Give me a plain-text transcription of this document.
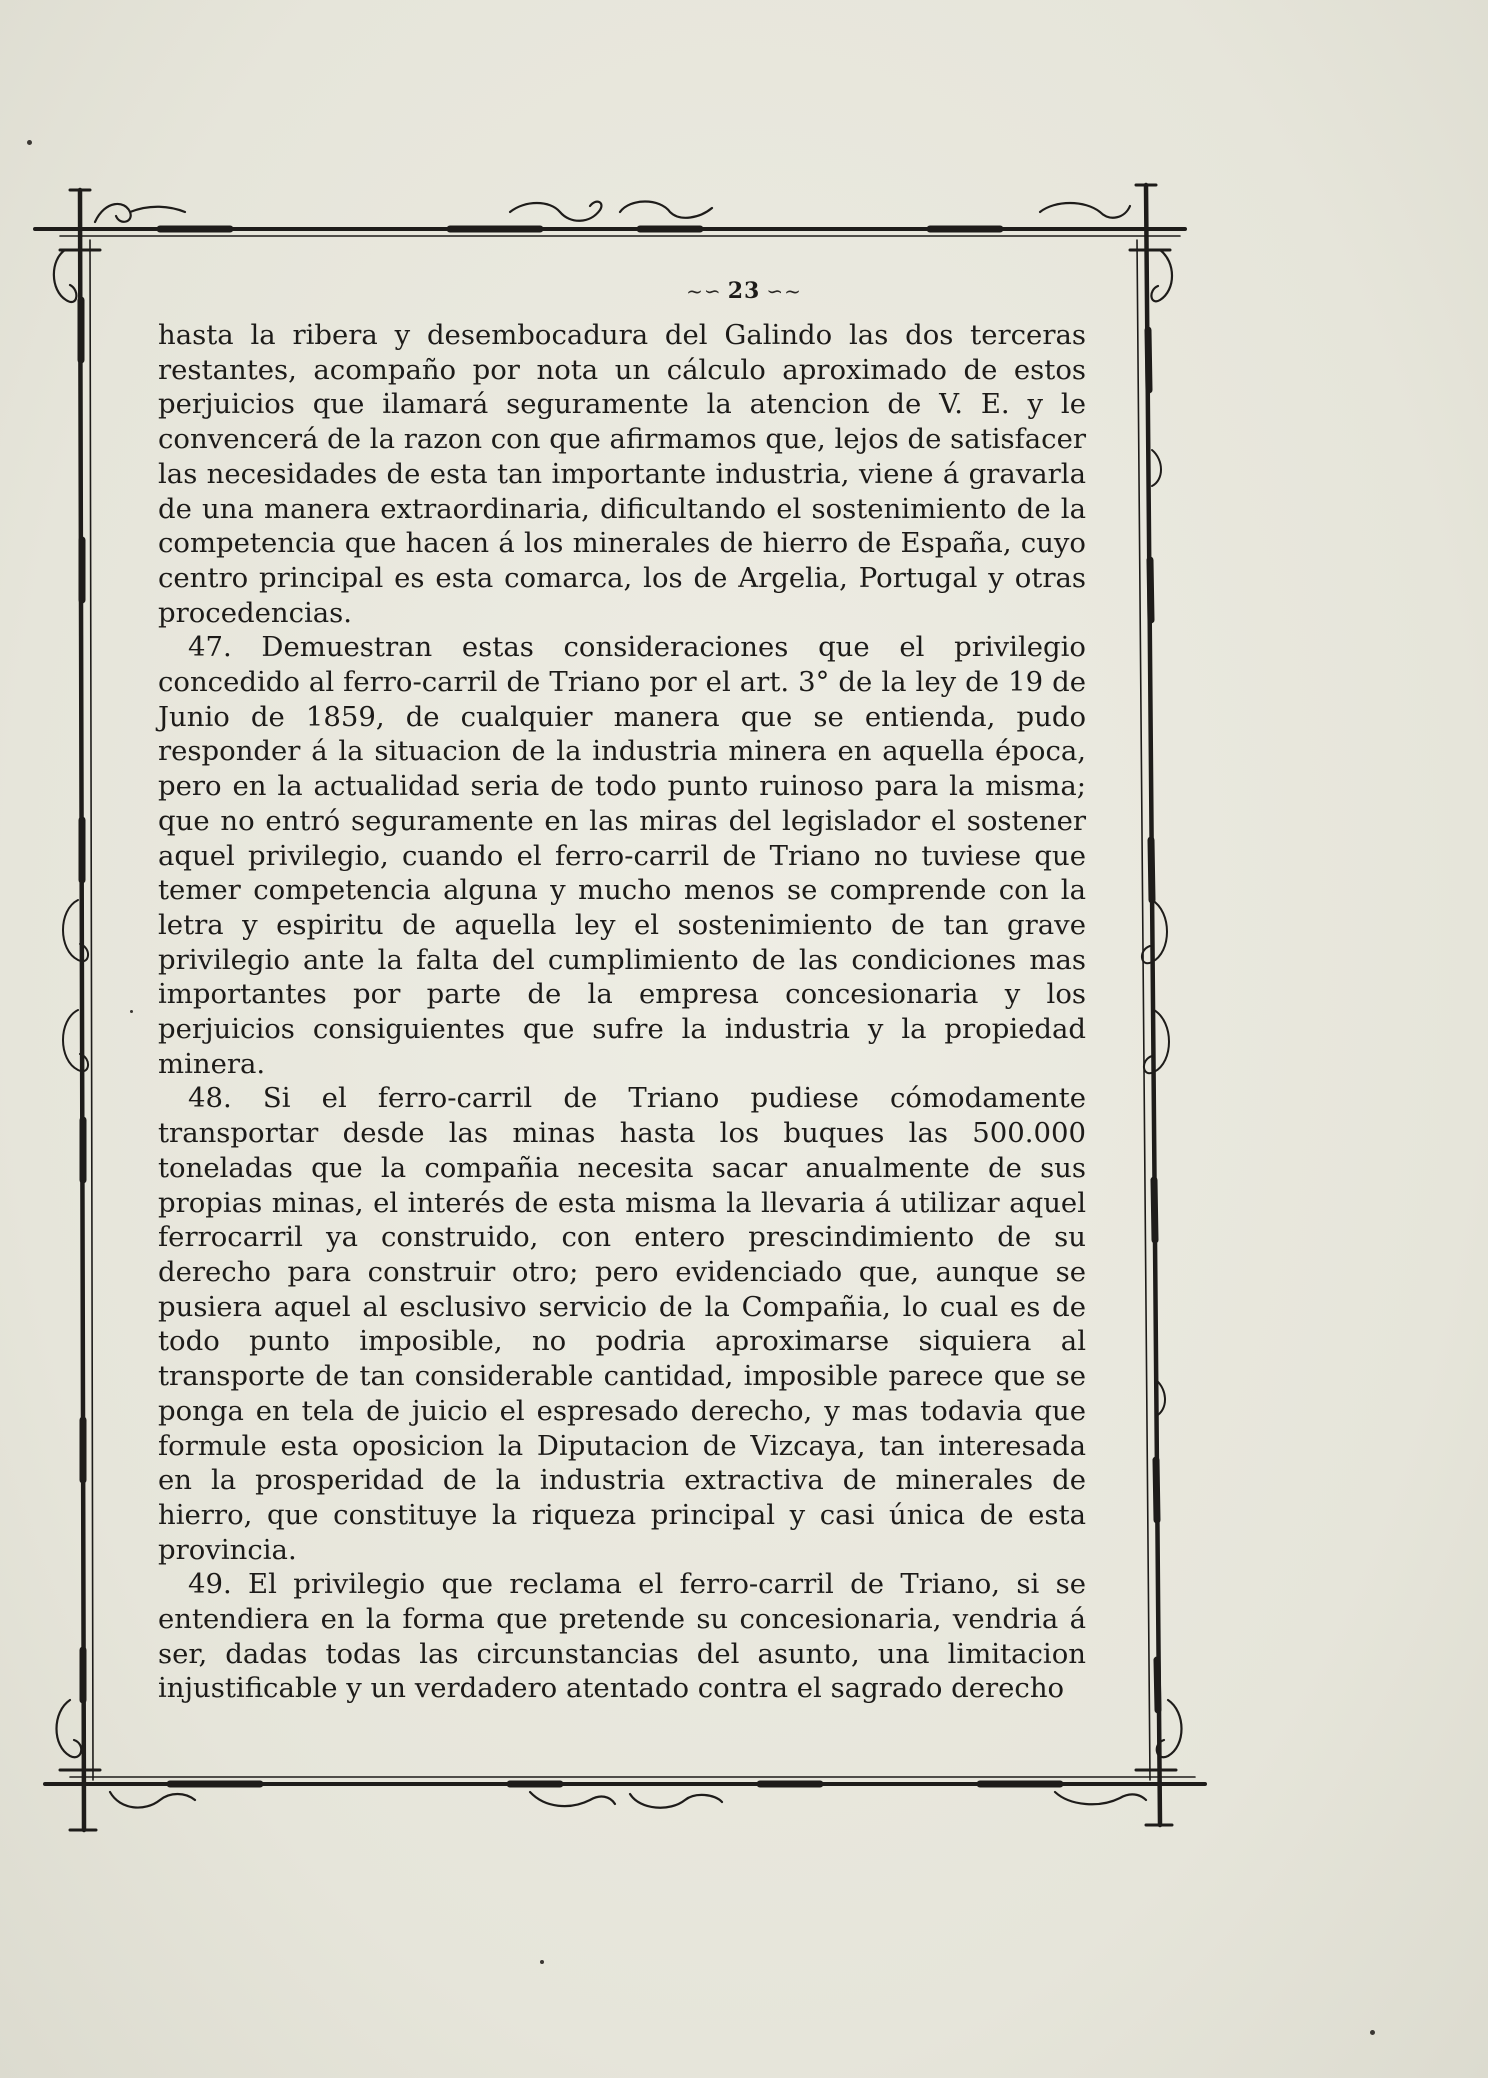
~∽ 23 ∽~

hasta la ribera y desembocadura del Galindo las dos terceras restantes, acompaño por nota un cálculo aproximado de estos perjuicios que ilamará seguramente la atencion de V. E. y le convencerá de la razon con que afirmamos que, lejos de satisfacer las necesidades de esta tan importante industria, viene á gravarla de una manera extraordinaria, dificultando el sostenimiento de la competencia que hacen á los minerales de hierro de España, cuyo centro principal es esta comarca, los de Argelia, Portugal y otras procedencias.

47. Demuestran estas consideraciones que el privilegio concedido al ferro-carril de Triano por el art. 3° de la ley de 19 de Junio de 1859, de cualquier manera que se entienda, pudo responder á la situacion de la industria minera en aquella época, pero en la actualidad seria de todo punto ruinoso para la misma; que no entró seguramente en las miras del legislador el sostener aquel privilegio, cuando el ferro-carril de Triano no tuviese que temer competencia alguna y mucho menos se comprende con la letra y espiritu de aquella ley el sostenimiento de tan grave privilegio ante la falta del cumplimiento de las condiciones mas importantes por parte de la empresa concesionaria y los perjuicios consiguientes que sufre la industria y la propiedad minera.

48. Si el ferro-carril de Triano pudiese cómodamente transportar desde las minas hasta los buques las 500.000 toneladas que la compañia necesita sacar anualmente de sus propias minas, el interés de esta misma la llevaria á utilizar aquel ferrocarril ya construido, con entero prescindimiento de su derecho para construir otro; pero evidenciado que, aunque se pusiera aquel al esclusivo servicio de la Compañia, lo cual es de todo punto imposible, no podria aproximarse siquiera al transporte de tan considerable cantidad, imposible parece que se ponga en tela de juicio el espresado derecho, y mas todavia que formule esta oposicion la Diputacion de Vizcaya, tan interesada en la prosperidad de la industria extractiva de minerales de hierro, que constituye la riqueza principal y casi única de esta provincia.

49. El privilegio que reclama el ferro-carril de Triano, si se entendiera en la forma que pretende su concesionaria, vendria á ser, dadas todas las circunstancias del asunto, una limitacion injustificable y un verdadero atentado contra el sagrado derecho
